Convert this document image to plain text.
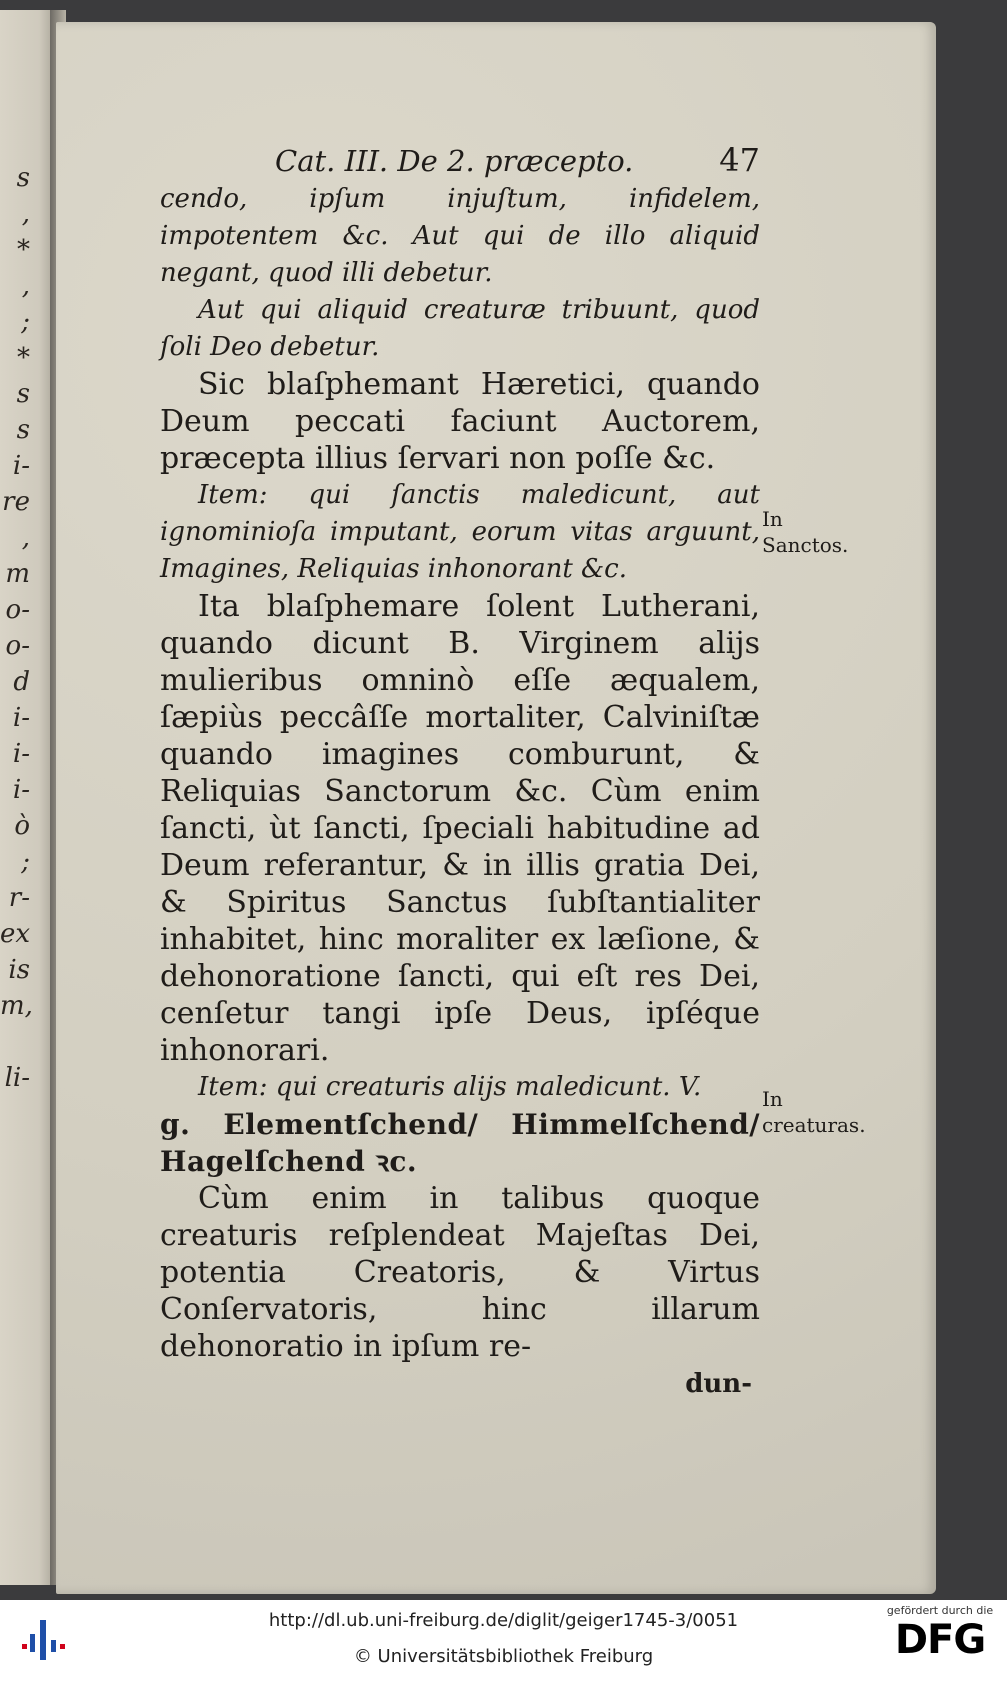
s
,
*
,
;
*
s
s
i-
re
,
m
o-
o-
d
i-
i-
i-
ò
;
r-
ex
is
m,
li-
Cat. III. De 2. præcepto.	47
cendo, ipſum injuſtum, infidelem, impotentem &c. Aut qui de illo aliquid negant, quod illi debetur.
Aut qui aliquid creaturæ tribuunt, quod ſoli Deo debetur.
Sic blaſphemant Hæretici, quando Deum peccati faciunt Auctorem, præcepta illius ſervari non poſſe &c.
Item: qui ſanctis maledicunt, aut ignominioſa imputant, eorum vitas arguunt, Imagines, Reliquias inhonorant &c.
Ita blaſphemare ſolent Lutherani, quando dicunt B. Virginem alijs mulieribus omninò eſſe æqualem, ſæpiùs peccâſſe mortaliter, Calviniſtæ quando imagines comburunt, & Reliquias Sanctorum &c. Cùm enim ſancti, ùt ſancti, ſpeciali habitudine ad Deum referantur, & in illis gratia Dei, & Spiritus Sanctus ſubſtantialiter inhabitet, hinc moraliter ex læſione, & dehonoratione ſancti, qui eſt res Dei, cenſetur tangi ipſe Deus, ipſéque inhonorari.
Item: qui creaturis alijs maledicunt. V.
g. Elementſchend/ Himmelſchend/ Hagelſchend ꝛc.
Cùm enim in talibus quoque creaturis reſplendeat Majeſtas Dei, potentia Creatoris, & Virtus Conſervatoris, hinc illarum dehonoratio in ipſum re-
dun-
In Sanctos.
In creaturas.
http://dl.ub.uni-freiburg.de/diglit/geiger1745-3/0051
© Universitätsbibliothek Freiburg
gefördert durch die
DFG
